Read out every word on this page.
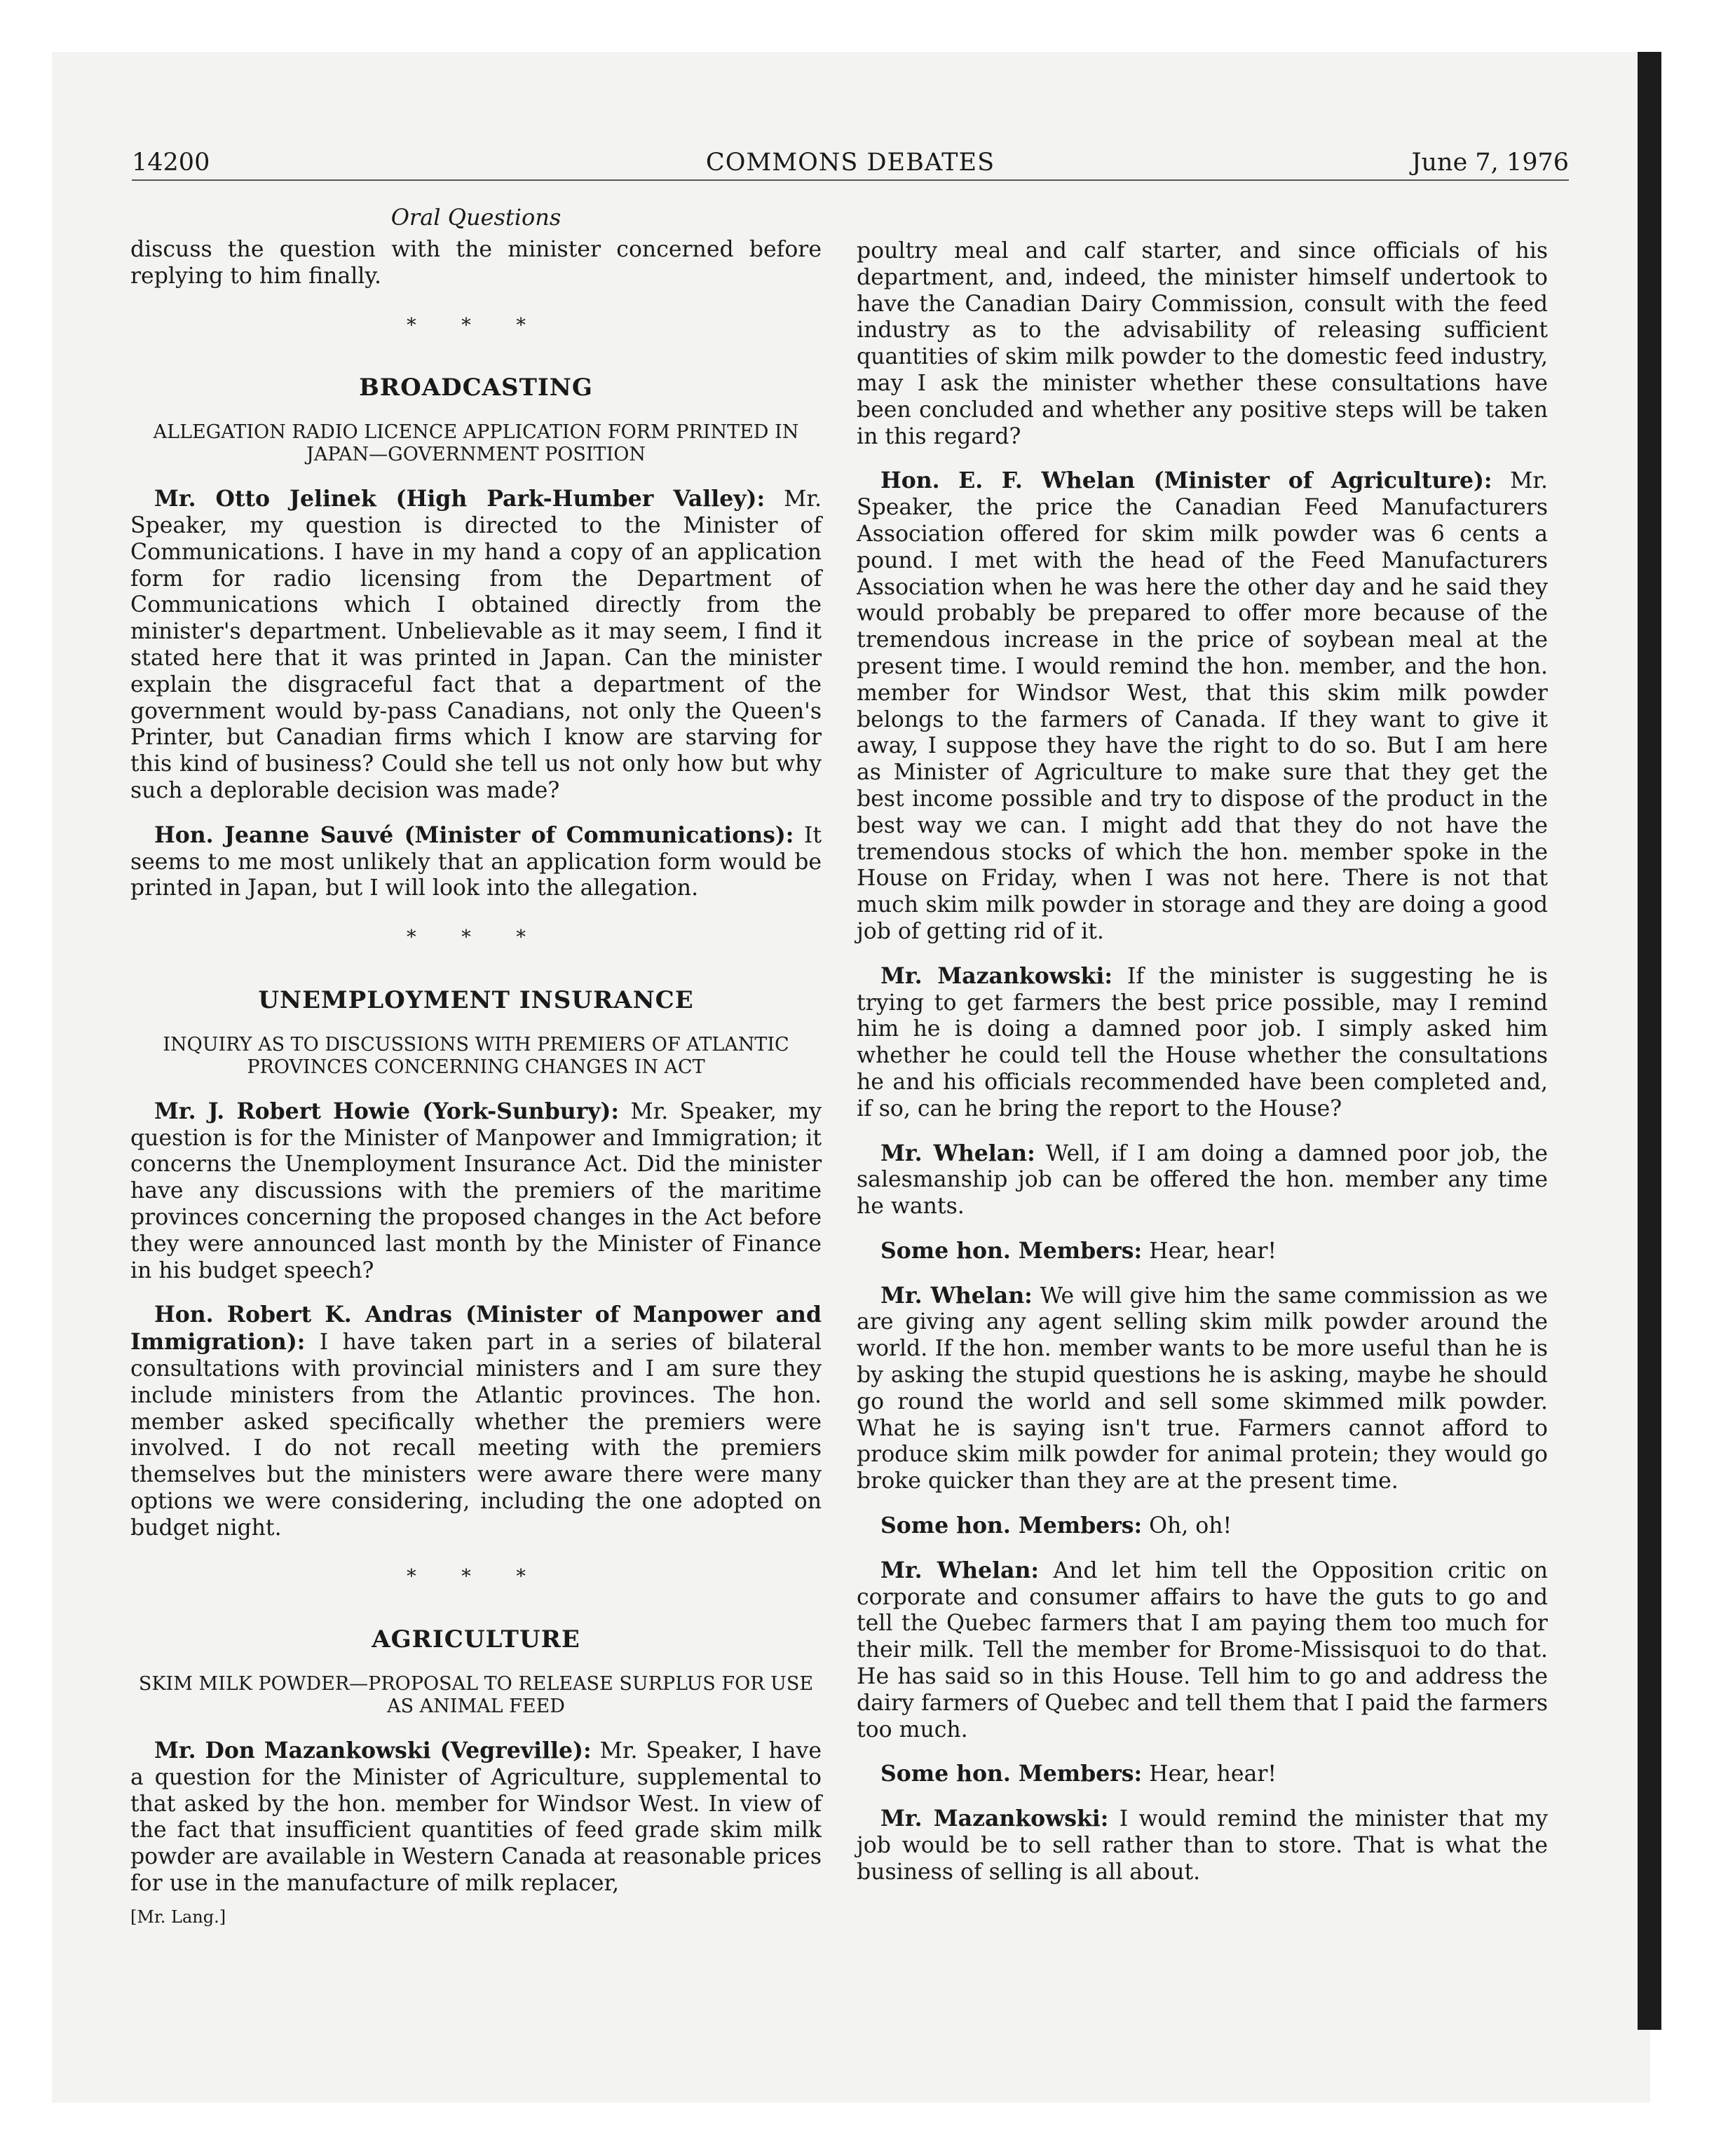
14200	COMMONS DEBATES	June 7, 1976
Oral Questions

discuss the question with the minister concerned before replying to him finally.

* * *
BROADCASTING
ALLEGATION RADIO LICENCE APPLICATION FORM PRINTED IN JAPAN—GOVERNMENT POSITION

Mr. Otto Jelinek (High Park-Humber Valley): Mr. Speaker, my question is directed to the Minister of Communications. I have in my hand a copy of an application form for radio licensing from the Department of Communications which I obtained directly from the minister's department. Unbelievable as it may seem, I find it stated here that it was printed in Japan. Can the minister explain the disgraceful fact that a department of the government would by-pass Canadians, not only the Queen's Printer, but Canadian firms which I know are starving for this kind of business? Could she tell us not only how but why such a deplorable decision was made?

Hon. Jeanne Sauvé (Minister of Communications): It seems to me most unlikely that an application form would be printed in Japan, but I will look into the allegation.

* * *
UNEMPLOYMENT INSURANCE
INQUIRY AS TO DISCUSSIONS WITH PREMIERS OF ATLANTIC PROVINCES CONCERNING CHANGES IN ACT

Mr. J. Robert Howie (York-Sunbury): Mr. Speaker, my question is for the Minister of Manpower and Immigration; it concerns the Unemployment Insurance Act. Did the minister have any discussions with the premiers of the maritime provinces concerning the proposed changes in the Act before they were announced last month by the Minister of Finance in his budget speech?

Hon. Robert K. Andras (Minister of Manpower and Immigration): I have taken part in a series of bilateral consultations with provincial ministers and I am sure they include ministers from the Atlantic provinces. The hon. member asked specifically whether the premiers were involved. I do not recall meeting with the premiers themselves but the ministers were aware there were many options we were considering, including the one adopted on budget night.

* * *
AGRICULTURE
SKIM MILK POWDER—PROPOSAL TO RELEASE SURPLUS FOR USE AS ANIMAL FEED

Mr. Don Mazankowski (Vegreville): Mr. Speaker, I have a question for the Minister of Agriculture, supplemental to that asked by the hon. member for Windsor West. In view of the fact that insufficient quantities of feed grade skim milk powder are available in Western Canada at reasonable prices for use in the manufacture of milk replacer,

[Mr. Lang.]

poultry meal and calf starter, and since officials of his department, and, indeed, the minister himself undertook to have the Canadian Dairy Commission, consult with the feed industry as to the advisability of releasing sufficient quantities of skim milk powder to the domestic feed industry, may I ask the minister whether these consultations have been concluded and whether any positive steps will be taken in this regard?

Hon. E. F. Whelan (Minister of Agriculture): Mr. Speaker, the price the Canadian Feed Manufacturers Association offered for skim milk powder was 6 cents a pound. I met with the head of the Feed Manufacturers Association when he was here the other day and he said they would probably be prepared to offer more because of the tremendous increase in the price of soybean meal at the present time. I would remind the hon. member, and the hon. member for Windsor West, that this skim milk powder belongs to the farmers of Canada. If they want to give it away, I suppose they have the right to do so. But I am here as Minister of Agriculture to make sure that they get the best income possible and try to dispose of the product in the best way we can. I might add that they do not have the tremendous stocks of which the hon. member spoke in the House on Friday, when I was not here. There is not that much skim milk powder in storage and they are doing a good job of getting rid of it.

Mr. Mazankowski: If the minister is suggesting he is trying to get farmers the best price possible, may I remind him he is doing a damned poor job. I simply asked him whether he could tell the House whether the consultations he and his officials recommended have been completed and, if so, can he bring the report to the House?

Mr. Whelan: Well, if I am doing a damned poor job, the salesmanship job can be offered the hon. member any time he wants.

Some hon. Members: Hear, hear!

Mr. Whelan: We will give him the same commission as we are giving any agent selling skim milk powder around the world. If the hon. member wants to be more useful than he is by asking the stupid questions he is asking, maybe he should go round the world and sell some skimmed milk powder. What he is saying isn't true. Farmers cannot afford to produce skim milk powder for animal protein; they would go broke quicker than they are at the present time.

Some hon. Members: Oh, oh!

Mr. Whelan: And let him tell the Opposition critic on corporate and consumer affairs to have the guts to go and tell the Quebec farmers that I am paying them too much for their milk. Tell the member for Brome-Missisquoi to do that. He has said so in this House. Tell him to go and address the dairy farmers of Quebec and tell them that I paid the farmers too much.

Some hon. Members: Hear, hear!

Mr. Mazankowski: I would remind the minister that my job would be to sell rather than to store. That is what the business of selling is all about.
